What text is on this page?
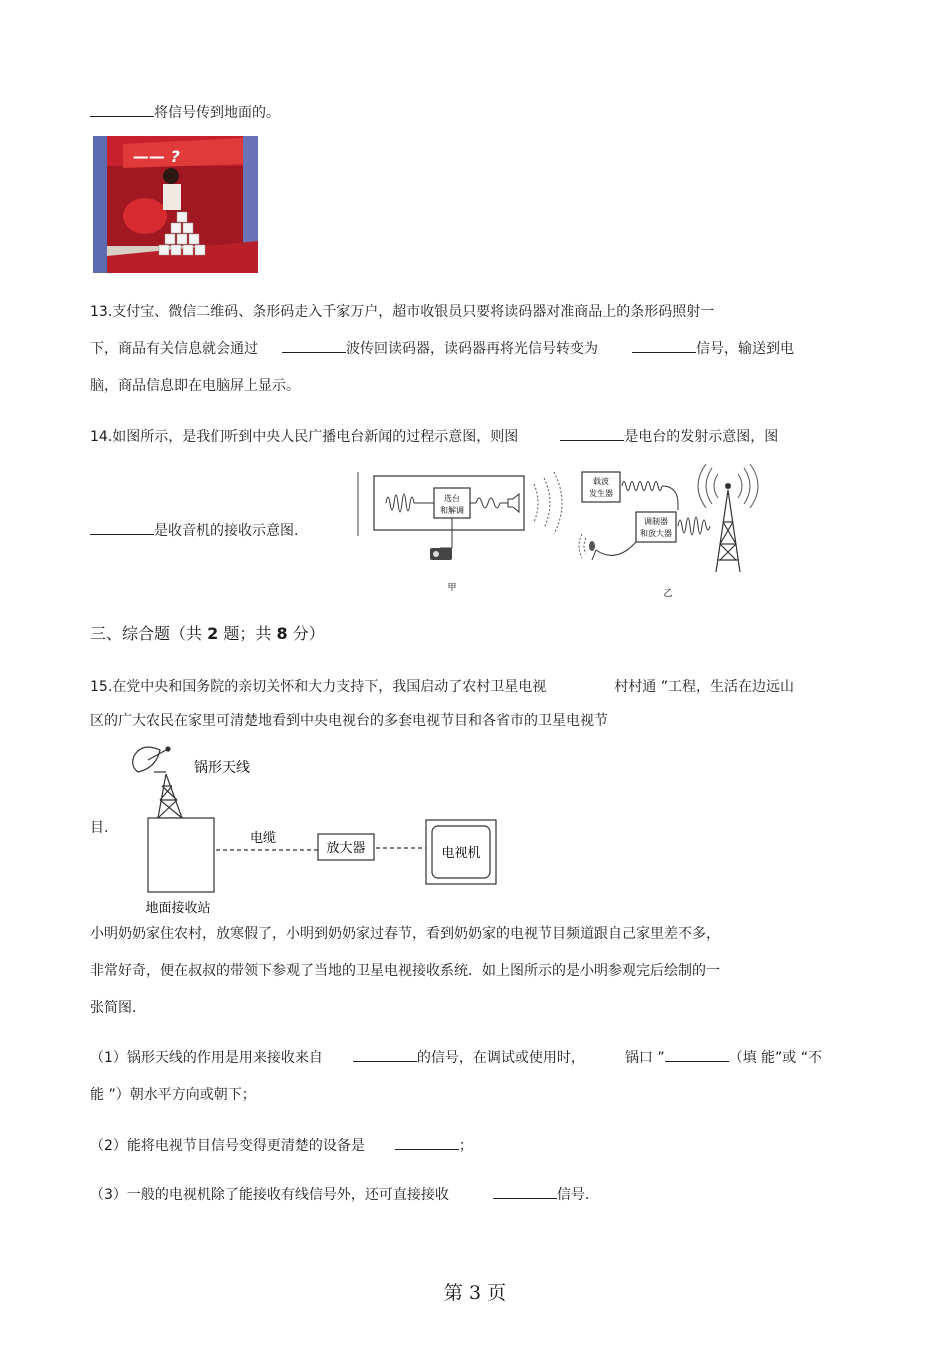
将信号传到地面的。
—— ?
13.支付宝、微信二维码、条形码走入千家万户，超市收银员只要将读码器对准商品上的条形码照射一
下，商品有关信息就会通过	波传回读码器，读码器再将光信号转变为	信号，输送到电
脑，商品信息即在电脑屏上显示。
14.如图所示，是我们听到中央人民广播电台新闻的过程示意图，则图	是电台的发射示意图，图
是收音机的接收示意图.
选台
和解调
甲
载波
发生器
调制器
和放大器
乙
三、综合题（共 2 题；共 8 分）
15.在党中央和国务院的亲切关怀和大力支持下，我国启动了农村卫星电视	村村通 ”工程，生活在边远山
区的广大农民在家里可清楚地看到中央电视台的多套电视节目和各省市的卫星电视节
目.
锅形天线
电缆
放大器	电视机
地面接收站
小明奶奶家住农村，放寒假了，小明到奶奶家过春节，看到奶奶家的电视节目频道跟自己家里差不多，
非常好奇，便在叔叔的带领下参观了当地的卫星电视接收系统．如上图所示的是小明参观完后绘制的一
张简图.
（1）锅形天线的作用是用来接收来自	的信号，在调试或使用时，	锅口 ”	（填 能”或 “不
能 ”）朝水平方向或朝下；
（2）能将电视节目信号变得更清楚的设备是	；
（3）一般的电视机除了能接收有线信号外，还可直接接收	信号.
第 3 页
